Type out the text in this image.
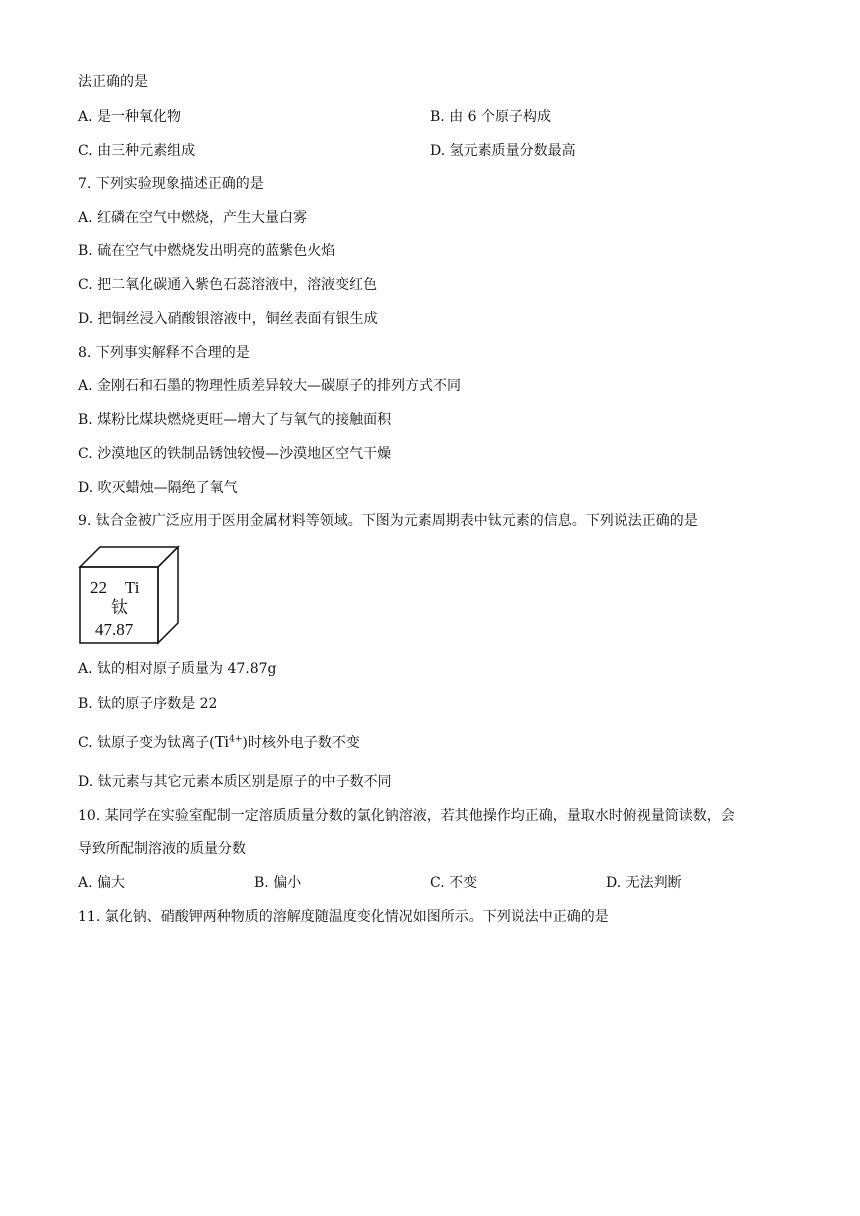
法正确的是
A. 是一种氧化物	B. 由 6 个原子构成
C. 由三种元素组成	D. 氢元素质量分数最高
7. 下列实验现象描述正确的是
A. 红磷在空气中燃烧，产生大量白雾
B. 硫在空气中燃烧发出明亮的蓝紫色火焰
C. 把二氧化碳通入紫色石蕊溶液中，溶液变红色
D. 把铜丝浸入硝酸银溶液中，铜丝表面有银生成
8. 下列事实解释不合理的是
A. 金刚石和石墨的物理性质差异较大—碳原子的排列方式不同
B. 煤粉比煤块燃烧更旺—增大了与氧气的接触面积
C. 沙漠地区的铁制品锈蚀较慢—沙漠地区空气干燥
D. 吹灭蜡烛—隔绝了氧气
9. 钛合金被广泛应用于医用金属材料等领域。下图为元素周期表中钛元素的信息。下列说法正确的是
22 Ti
钛
47.87
A. 钛的相对原子质量为 47.87g
B. 钛的原子序数是 22
C. 钛原子变为钛离子$(Ti^{4+})$时核外电子数不变
D. 钛元素与其它元素本质区别是原子的中子数不同
10. 某同学在实验室配制一定溶质质量分数的氯化钠溶液，若其他操作均正确，量取水时俯视量筒读数，会
导致所配制溶液的质量分数
A. 偏大	B. 偏小	C. 不变	D. 无法判断
11. 氯化钠、硝酸钾两种物质的溶解度随温度变化情况如图所示。下列说法中正确的是
